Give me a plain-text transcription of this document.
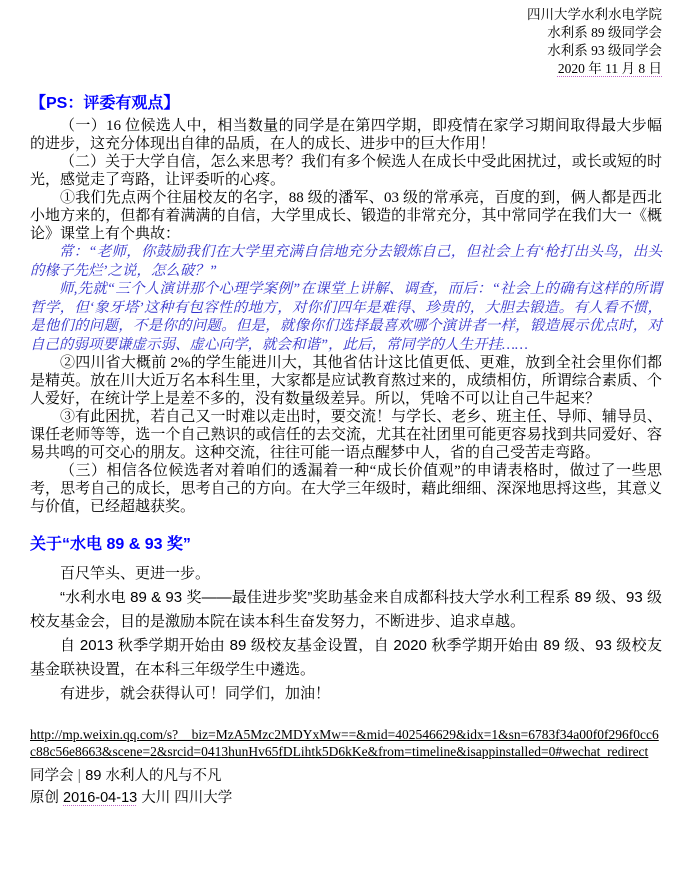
四川大学水利水电学院
水利系 89 级同学会
水利系 93 级同学会
2020 年 11 月 8 日
【PS：评委有观点】

（一）16 位候选人中，相当数量的同学是在第四学期，即疫情在家学习期间取得最大步幅的进步，这充分体现出自律的品质，在人的成长、进步中的巨大作用！

（二）关于大学自信，怎么来思考？我们有多个候选人在成长中受此困扰过，或长或短的时光，感觉走了弯路，让评委听的心疼。

①我们先点两个往届校友的名字，88 级的潘军、03 级的常承亮，百度的到，俩人都是西北小地方来的，但都有着满满的自信，大学里成长、锻造的非常充分，其中常同学在我们大一《概论》课堂上有个典故：

常：“老师，你鼓励我们在大学里充满自信地充分去锻炼自己，但社会上有‘枪打出头鸟，出头的椽子先烂’之说，怎么破？”

师,先就“三个人演讲那个心理学案例”在课堂上讲解、调查，而后：“社会上的确有这样的所谓哲学，但‘象牙塔’这种有包容性的地方，对你们四年是难得、珍贵的，大胆去锻造。有人看不惯，是他们的问题，不是你的问题。但是，就像你们选择最喜欢哪个演讲者一样，锻造展示优点时，对自己的弱项要谦虚示弱、虚心向学，就会和谐”，此后，常同学的人生开挂……

②四川省大概前 2%的学生能进川大，其他省估计这比值更低、更难，放到全社会里你们都是精英。放在川大近万名本科生里，大家都是应试教育熬过来的，成绩相仿，所谓综合素质、个人爱好，在统计学上是差不多的，没有数量级差异。所以，凭啥不可以让自己牛起来？

③有此困扰，若自己又一时难以走出时，要交流！与学长、老乡、班主任、导师、辅导员、课任老师等等，选一个自己熟识的或信任的去交流，尤其在社团里可能更容易找到共同爱好、容易共鸣的可交心的朋友。这种交流，往往可能一语点醒梦中人，省的自己受苦走弯路。

（三）相信各位候选者对着咱们的透漏着一种“成长价值观”的申请表格时，做过了一些思考，思考自己的成长，思考自己的方向。在大学三年级时，藉此细细、深深地思捋这些，其意义与价值，已经超越获奖。

关于“水电 89 & 93 奖”

百尺竿头、更进一步。

“水利水电 89 & 93 奖——最佳进步奖”奖助基金来自成都科技大学水利工程系 89 级、93 级校友基金会，目的是激励本院在读本科生奋发努力，不断进步、追求卓越。

自 2013 秋季学期开始由 89 级校友基金设置，自 2020 秋季学期开始由 89 级、93 级校友基金联袂设置，在本科三年级学生中遴选。

有进步，就会获得认可！同学们，加油！

http://mp.weixin.qq.com/s?__biz=MzA5Mzc2MDYxMw==&mid=402546629&idx=1&sn=6783f34a00f0f296f0cc6c88c56e8663&scene=2&srcid=0413hunHv65fDLihtk5D6kKe&from=timeline&isappinstalled=0#wechat_redirect

同学会 | 89 水利人的凡与不凡

原创 2016-04-13 大川 四川大学
